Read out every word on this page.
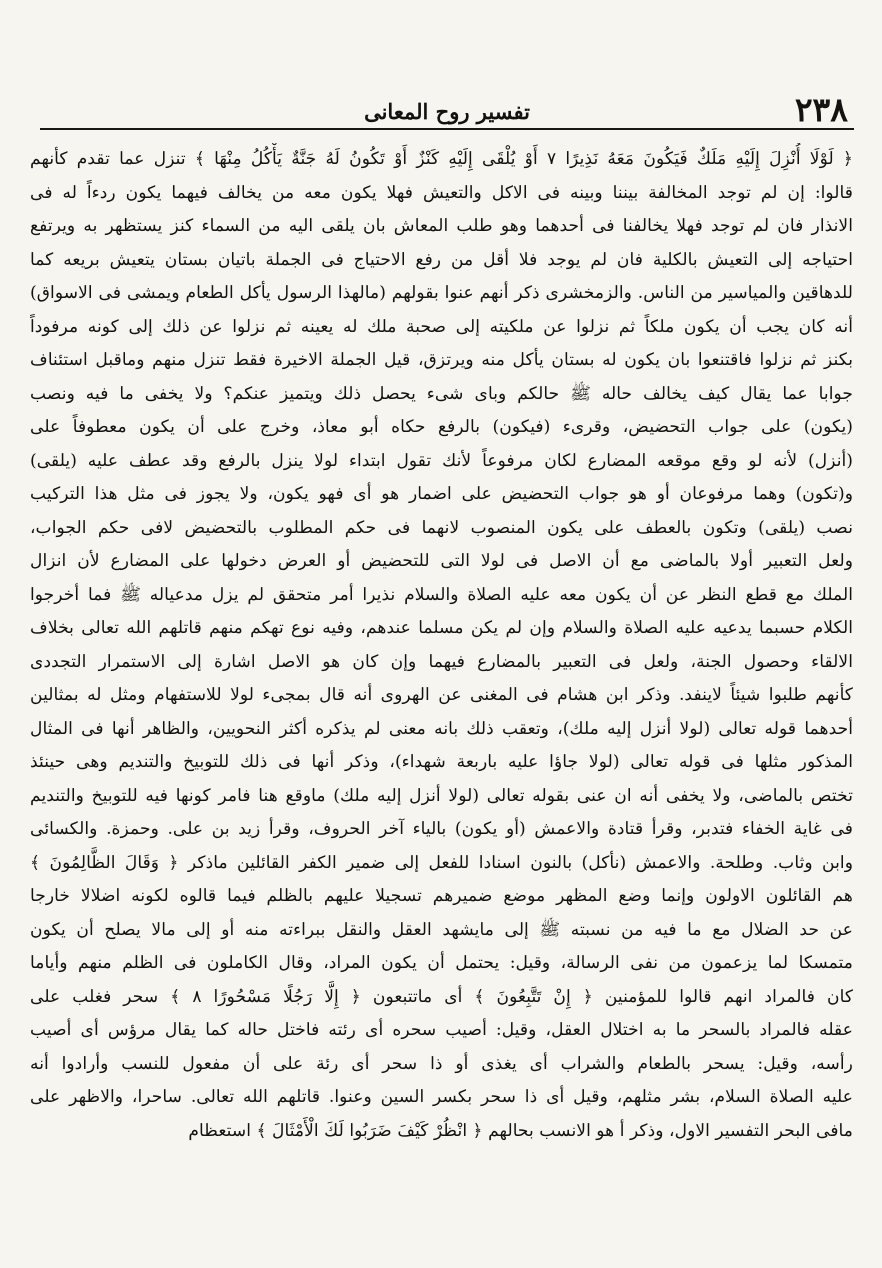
٢٣٨
تفسير روح المعانى
﴿ لَوْلَا أُنْزِلَ إِلَيْهِ مَلَكٌ فَيَكُونَ مَعَهُ نَذِيرًا ٧ أَوْ يُلْقَى إِلَيْهِ كَنْزٌ أَوْ تَكُونُ لَهُ جَنَّةٌ يَأْكُلُ مِنْهَا ﴾ تنزل عما تقدم كأنهم
قالوا: إن لم توجد المخالفة بيننا وبينه فى الاكل والتعيش فهلا يكون معه من يخالف فيهما يكون ردءاً له فى
الانذار فان لم توجد فهلا يخالفنا فى أحدهما وهو طلب المعاش بان يلقى اليه من السماء كنز يستظهر به ويرتفع
احتياجه إلى التعيش بالكلية فان لم يوجد فلا أقل من رفع الاحتياج فى الجملة باتيان بستان يتعيش بريعه كما
للدهاقين والمياسير من الناس. والزمخشرى ذكر أنهم عنوا بقولهم (مالهذا الرسول يأكل الطعام ويمشى فى الاسواق)
أنه كان يجب أن يكون ملكاً ثم نزلوا عن ملكيته إلى صحبة ملك له يعينه ثم نزلوا عن ذلك إلى كونه مرفوداً
بكنز ثم نزلوا فاقتنعوا بان يكون له بستان يأكل منه ويرتزق، قيل الجملة الاخيرة فقط تنزل منهم وماقبل استئناف
جوابا عما يقال كيف يخالف حاله ﷺ حالكم وباى شىء يحصل ذلك ويتميز عنكم؟ ولا يخفى ما فيه ونصب
(يكون) على جواب التحضيض، وقرىء (فيكون) بالرفع حكاه أبو معاذ، وخرج على أن يكون معطوفاً على
(أنزل) لأنه لو وقع موقعه المضارع لكان مرفوعاً لأنك تقول ابتداء لولا ينزل بالرفع وقد عطف عليه (يلقى)
و(تكون) وهما مرفوعان أو هو جواب التحضيض على اضمار هو أى فهو يكون، ولا يجوز فى مثل هذا التركيب
نصب (يلقى) وتكون بالعطف على يكون المنصوب لانهما فى حكم المطلوب بالتحضيض لافى حكم الجواب،
ولعل التعبير أولا بالماضى مع أن الاصل فى لولا التى للتحضيض أو العرض دخولها على المضارع لأن انزال
الملك مع قطع النظر عن أن يكون معه عليه الصلاة والسلام نذيرا أمر متحقق لم يزل مدعياله ﷺ فما أخرجوا
الكلام حسبما يدعيه عليه الصلاة والسلام وإن لم يكن مسلما عندهم، وفيه نوع تهكم منهم قاتلهم الله تعالى بخلاف
الالقاء وحصول الجنة، ولعل فى التعبير بالمضارع فيهما وإن كان هو الاصل اشارة إلى الاستمرار التجددى
كأنهم طلبوا شيئاً لاينفد. وذكر ابن هشام فى المغنى عن الهروى أنه قال بمجىء لولا للاستفهام ومثل له بمثالين
أحدهما قوله تعالى (لولا أنزل إليه ملك)، وتعقب ذلك بانه معنى لم يذكره أكثر النحويين، والظاهر أنها فى المثال
المذكور مثلها فى قوله تعالى (لولا جاؤا عليه باربعة شهداء)، وذكر أنها فى ذلك للتوبيخ والتنديم وهى حينئذ
تختص بالماضى، ولا يخفى أنه ان عنى بقوله تعالى (لولا أنزل إليه ملك) ماوقع هنا فامر كونها فيه للتوبيخ والتنديم
فى غاية الخفاء فتدبر، وقرأ قتادة والاعمش (أو يكون) بالياء آخر الحروف، وقرأ زيد بن على. وحمزة. والكسائى
وابن وثاب. وطلحة. والاعمش (نأكل) بالنون اسنادا للفعل إلى ضمير الكفر القائلين ماذكر ﴿ وَقَالَ الظَّالِمُونَ ﴾
هم القائلون الاولون وإنما وضع المظهر موضع ضميرهم تسجيلا عليهم بالظلم فيما قالوه لكونه اضلالا خارجا
عن حد الضلال مع ما فيه من نسبته ﷺ إلى مايشهد العقل والنقل ببراءته منه أو إلى مالا يصلح أن يكون
متمسكا لما يزعمون من نفى الرسالة، وقيل: يحتمل أن يكون المراد، وقال الكاملون فى الظلم منهم وأياما
كان فالمراد انهم قالوا للمؤمنين ﴿ إِنْ تَتَّبِعُونَ ﴾ أى ماتتبعون ﴿ إِلَّا رَجُلًا مَسْحُورًا ٨ ﴾ سحر فغلب على
عقله فالمراد بالسحر ما به اختلال العقل، وقيل: أصيب سحره أى رئته فاختل حاله كما يقال مرؤس أى أصيب
رأسه، وقيل: يسحر بالطعام والشراب أى يغذى أو ذا سحر أى رئة على أن مفعول للنسب وأرادوا أنه
عليه الصلاة السلام، بشر مثلهم، وقيل أى ذا سحر بكسر السين وعنوا. قاتلهم الله تعالى. ساحرا، والاظهر على
مافى البحر التفسير الاول، وذكر أ هو الانسب بحالهم ﴿ انْظُرْ كَيْفَ ضَرَبُوا لَكَ الْأَمْثَالَ ﴾ استعظام
